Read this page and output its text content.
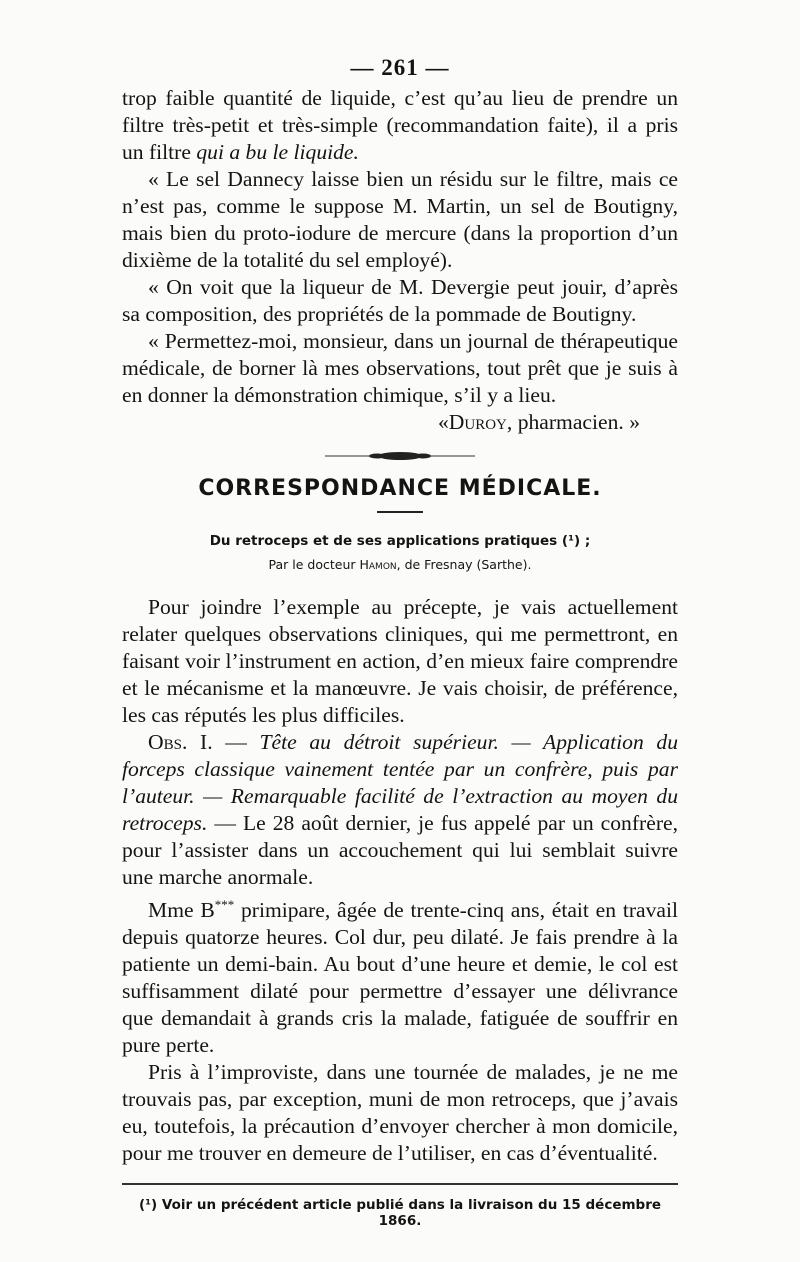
— 261 —

trop faible quantité de liquide, c’est qu’au lieu de prendre un filtre très-petit et très-simple (recommandation faite), il a pris un filtre qui a bu le liquide.

« Le sel Dannecy laisse bien un résidu sur le filtre, mais ce n’est pas, comme le suppose M. Martin, un sel de Boutigny, mais bien du proto-iodure de mercure (dans la proportion d’un dixième de la totalité du sel employé).

« On voit que la liqueur de M. Devergie peut jouir, d’après sa composition, des propriétés de la pommade de Boutigny.

« Permettez-moi, monsieur, dans un journal de thérapeutique médicale, de borner là mes observations, tout prêt que je suis à en donner la démonstration chimique, s’il y a lieu.

«Duroy, pharmacien. »

CORRESPONDANCE MÉDICALE.
Du retroceps et de ses applications pratiques (¹) ;
Par le docteur Hamon, de Fresnay (Sarthe).

Pour joindre l’exemple au précepte, je vais actuellement relater quelques observations cliniques, qui me permettront, en faisant voir l’instrument en action, d’en mieux faire comprendre et le mécanisme et la manœuvre. Je vais choisir, de préférence, les cas réputés les plus difficiles.

Obs. I. — Tête au détroit supérieur. — Application du forceps classique vainement tentée par un confrère, puis par l’auteur. — Remarquable facilité de l’extraction au moyen du retroceps. — Le 28 août dernier, je fus appelé par un confrère, pour l’assister dans un accouchement qui lui semblait suivre une marche anormale.

Mme B*** primipare, âgée de trente-cinq ans, était en travail depuis quatorze heures. Col dur, peu dilaté. Je fais prendre à la patiente un demi-bain. Au bout d’une heure et demie, le col est suffisamment dilaté pour permettre d’essayer une délivrance que demandait à grands cris la malade, fatiguée de souffrir en pure perte.

Pris à l’improviste, dans une tournée de malades, je ne me trouvais pas, par exception, muni de mon retroceps, que j’avais eu, toutefois, la précaution d’envoyer chercher à mon domicile, pour me trouver en demeure de l’utiliser, en cas d’éventualité.

(¹) Voir un précédent article publié dans la livraison du 15 décembre 1866.
